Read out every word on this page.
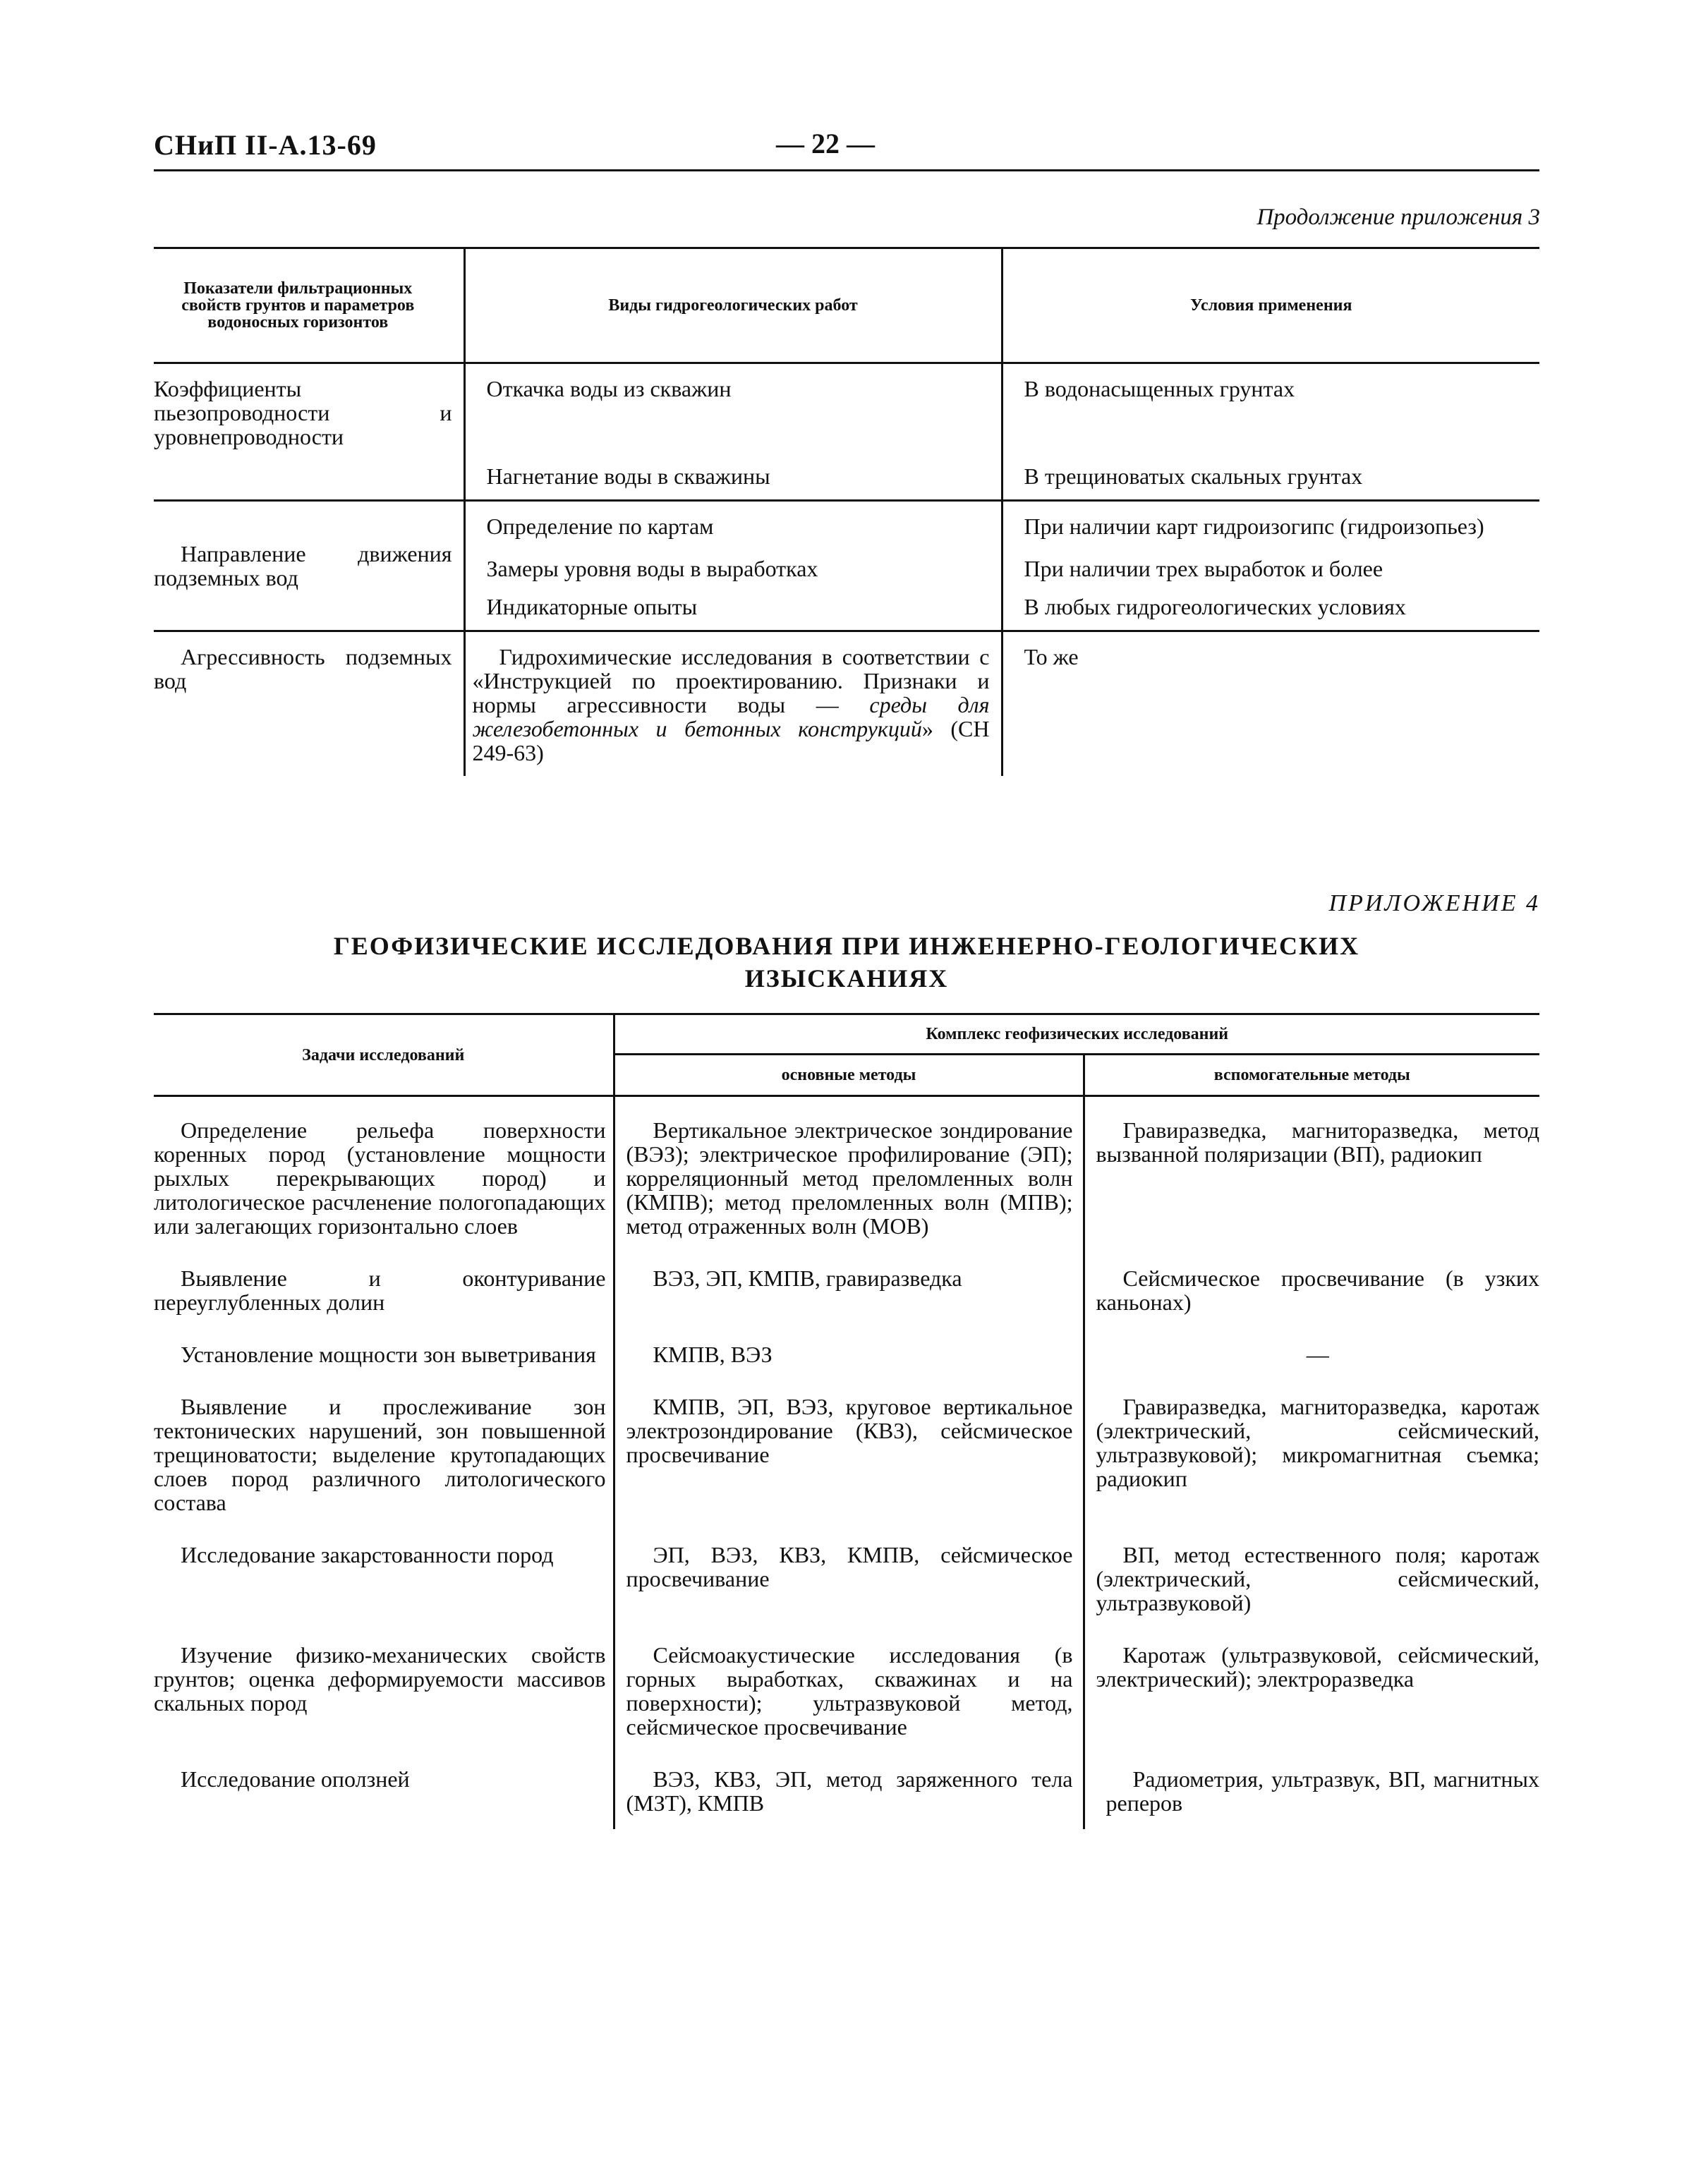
СНиП II-А.13-69	— 22 —
Продолжение приложения 3
Показатели фильтрационных свойств грунтов и параметров водоносных горизонтов	Виды гидрогеологических работ	Условия применения

Коэффициенты пьезопроводности и уровнепроводности	Откачка воды из скважин	В водонасыщенных грунтах
	Нагнетание воды в скважины	В трещиноватых скальных грунтах

Направление движения подземных вод	Определение по картам	При наличии карт гидроизогипс (гидроизопьез)
	Замеры уровня воды в выработках	При наличии трех выработок и более
	Индикаторные опыты	В любых гидрогеологических условиях

Агрессивность подземных вод	Гидрохимические исследования в соответствии с «Инструкцией по проектированию. Признаки и нормы агрессивности воды — среды для железобетонных и бетонных конструкций» (СН 249-63)	То же
ПРИЛОЖЕНИЕ 4
ГЕОФИЗИЧЕСКИЕ ИССЛЕДОВАНИЯ ПРИ ИНЖЕНЕРНО-ГЕОЛОГИЧЕСКИХ
ИЗЫСКАНИЯХ
Задачи исследований	Комплекс геофизических исследований	
	основные методы	вспомогательные методы
Определение рельефа поверхности коренных пород (установление мощности рыхлых перекрывающих пород) и литологическое расчленение пологопадающих или залегающих горизонтально слоев	Вертикальное электрическое зондирование (ВЭЗ); электрическое профилирование (ЭП); корреляционный метод преломленных волн (КМПВ); метод преломленных волн (МПВ); метод отраженных волн (МОВ)	Гравиразведка, магниторазведка, метод вызванной поляризации (ВП), радиокип
Выявление и оконтуривание переуглубленных долин	ВЭЗ, ЭП, КМПВ, гравиразведка	Сейсмическое просвечивание (в узких каньонах)
Установление мощности зон выветривания	КМПВ, ВЭЗ	—
Выявление и прослеживание зон тектонических нарушений, зон повышенной трещиноватости; выделение крутопадающих слоев пород различного литологического состава	КМПВ, ЭП, ВЭЗ, круговое вертикальное электрозондирование (КВЗ), сейсмическое просвечивание	Гравиразведка, магниторазведка, каротаж (электрический, сейсмический, ультразвуковой); микромагнитная съемка; радиокип
Исследование закарстованности пород	ЭП, ВЭЗ, КВЗ, КМПВ, сейсмическое просвечивание	ВП, метод естественного поля; каротаж (электрический, сейсмический, ультразвуковой)
Изучение физико-механических свойств грунтов; оценка деформируемости массивов скальных пород	Сейсмоакустические исследования (в горных выработках, скважинах и на поверхности); ультразвуковой метод, сейсмическое просвечивание	Каротаж (ультразвуковой, сейсмический, электрический); электроразведка
Исследование оползней	ВЭЗ, КВЗ, ЭП, метод заряженного тела (МЗТ), КМПВ	Радиометрия, ультразвук, ВП, магнитных реперов
